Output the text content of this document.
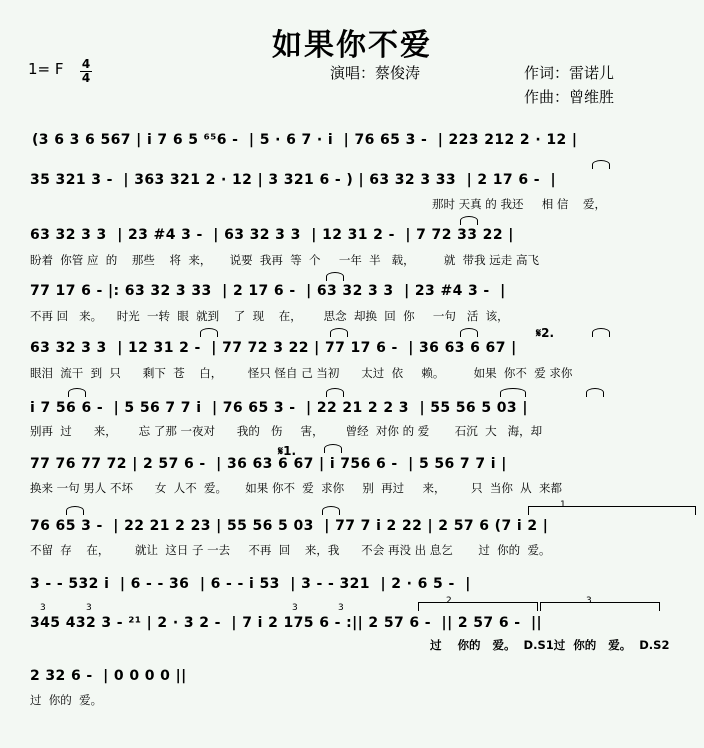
如果你不爱
1= F 4
4	演唱：蔡俊涛	作词：雷诺儿
作曲：曾维胜
(3 6 3 6 567 | i 7 6 5 ⁶⁵6 -  | 5 · 6 7 · i  | 76 65 3 -  | 223 212 2 · 12 |
35 321 3 -  | 363 321 2 · 12 | 3 321 6 - ) | 63 32 3 33  | 2 17 6 -  |
那时 天真 的 我还     相 信    爱，
63 32 3 3  | 23 #4 3 -  | 63 32 3 3  | 12 31 2 -  | 7 72 33 22 |
盼着  你管 应  的    那些    将  来，     说要  我再  等  个     一年  半   载，        就  带我 远走 高飞
77 17 6 - |: 63 32 3 33  | 2 17 6 -  | 63 32 3 3  | 23 #4 3 -  |
不再 回   来。    时光  一转  眼  就到    了  现    在，      思念  却换  回  你     一句   活  该，
𝄋2.
63 32 3 3  | 12 31 2 -  | 77 72 3 22 | 77 17 6 -  | 36 63 6 67 |
眼泪  流干  到  只      剩下  苍    白，       怪只 怪自 己 当初      太过  依     赖。        如果  你不  爱 求你
i 7 56 6 -  | 5 56 7 7 i  | 76 65 3 -  | 22 21 2 2 3  | 55 56 5 03 |
别再  过      来，      忘 了那 一夜对      我的   伤     害，      曾经  对你 的 爱       石沉  大   海，却
𝄋1.
77 76 77 72 | 2 57 6 -  | 36 63 6 67 | i 756 6 -  | 5 56 7 7 i |
换来 一句 男人 不坏      女  人不  爱。     如果 你不  爱  求你     别  再过     来，       只  当你  从  来都
1
76 65 3 -  | 22 21 2 23 | 55 56 5 03  | 77 7 i 2 22 | 2 57 6 (7 i 2 |
不留  存    在，       就让  这日 子 一去     不再  回    来，我      不会 再没 出 息乞       过  你的  爱。
3 - - 532 i  | 6 - - 36  | 6 - - i 53  | 3 - - 321  | 2 · 6 5 -  |
2	3
3	3	3	3
345 432 3 - ²¹ | 2 · 3 2 -  | 7 i 2 175 6 - :|| 2 57 6 -  || 2 57 6 -  ||
过    你的   爱。  D.S1过  你的   爱。  D.S2
2 32 6 -  | 0 0 0 0 ||
过  你的  爱。
